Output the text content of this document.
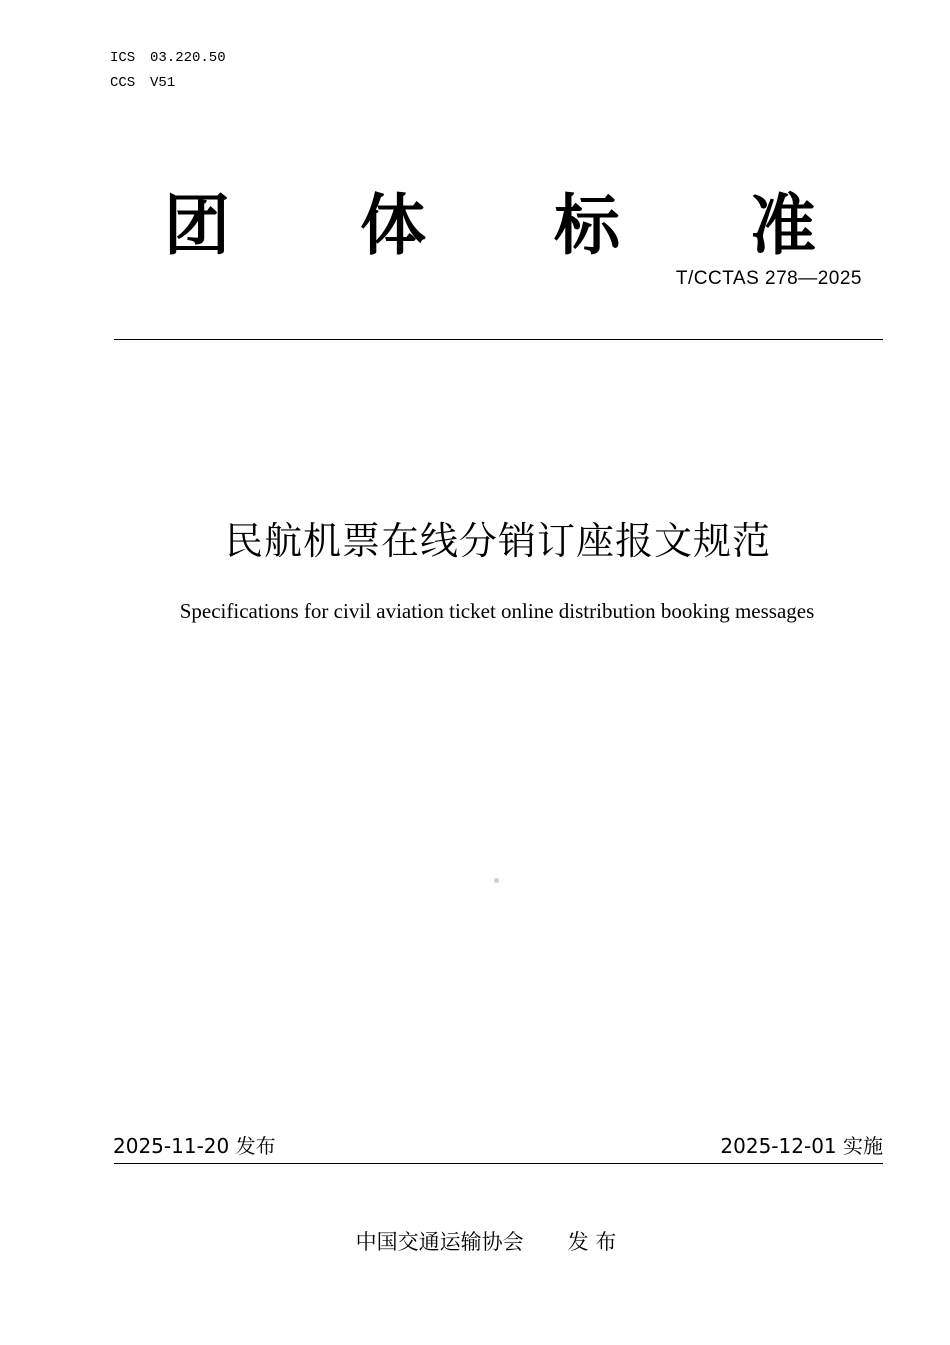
ICS 03.220.50
CCS V51
团 体 标 准
T/CCTAS 278—2025
民航机票在线分销订座报文规范
Specifications for civil aviation ticket online distribution booking messages
2025-11-20 发布	2025-12-01 实施
中国交通运输协会 发 布
